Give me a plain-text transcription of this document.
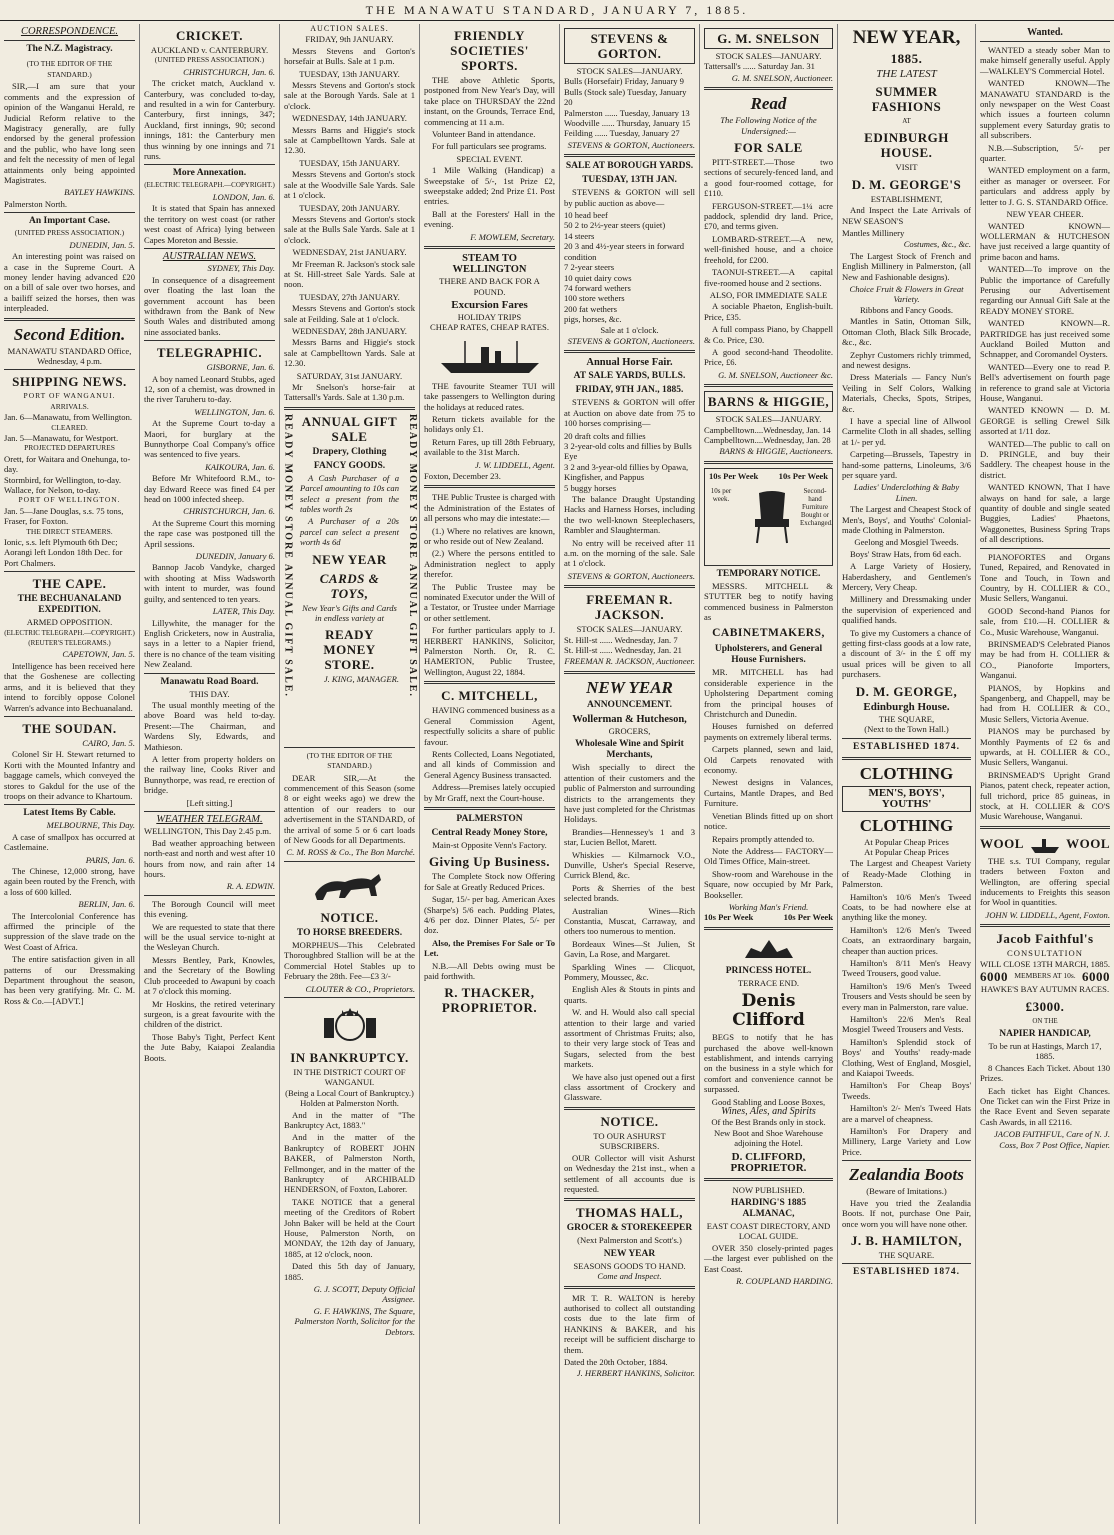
THE MANAWATU STANDARD, JANUARY 7, 1885.
CORRESPONDENCE.
The N.Z. Magistracy.
(TO THE EDITOR OF THE STANDARD.)

SIR,—I am sure that your comments and the expression of opinion of the Wanganui Herald, re Judicial Reform relative to the Magistracy generally, are fully endorsed by the general profession and the public, who have long seen and felt the necessity of men of legal attainments only being appointed Magistrates.

BAYLEY HAWKINS.
Palmerston North.
An Important Case.
(UNITED PRESS ASSOCIATION.)
DUNEDIN, Jan. 5.

An interesting point was raised on a case in the Supreme Court. A money lender having advanced £20 on a bill of sale over two horses, and a bailiff seized the horses, then was interpleaded.

Second Edition.
MANAWATU STANDARD Office, Wednesday, 4 p.m.
SHIPPING NEWS.
PORT OF WANGANUI.
ARRIVALS.
Jan. 6—Manawatu, from Wellington.
CLEARED.
Jan. 5—Manawatu, for Westport.
PROJECTED DEPARTURES
Orett, for Waitara and Onehunga, to-day.
Stormbird, for Wellington, to-day.
Wallace, for Nelson, to-day.
PORT OF WELLINGTON.
Jan. 5—Jane Douglas, s.s. 75 tons, Fraser, for Foxton.
THE DIRECT STEAMERS.
Ionic, s.s. left Plymouth 6th Dec; Aorangi left London 18th Dec. for Port Chalmers.
THE CAPE.
THE BECHUANALAND EXPEDITION.
ARMED OPPOSITION.
(ELECTRIC TELEGRAPH.—COPYRIGHT.)
(REUTER'S TELEGRAMS.)
CAPETOWN, Jan. 5.

Intelligence has been received here that the Goshenese are collecting arms, and it is believed that they intend to forcibly oppose Colonel Warren's advance into Bechuanaland.

THE SOUDAN.
CAIRO, Jan. 5.

Colonel Sir H. Stewart returned to Korti with the Mounted Infantry and baggage camels, which conveyed the stores to Gakdul for the use of the troops on their advance to Khartoum.

Latest Items By Cable.
MELBOURNE, This Day.

A case of smallpox has occurred at Castlemaine.

PARIS, Jan. 6.

The Chinese, 12,000 strong, have again been routed by the French, with a loss of 600 killed.

BERLIN, Jan. 6.

The Intercolonial Conference has affirmed the principle of the suppression of the slave trade on the West Coast of Africa.

The entire satisfaction given in all patterns of our Dressmaking Department throughout the season, has been very gratifying. Mr. C. M. Ross & Co.—[ADVT.]

CRICKET.
AUCKLAND v. CANTERBURY.
(UNITED PRESS ASSOCIATION.)
CHRISTCHURCH, Jan. 6.

The cricket match, Auckland v. Canterbury, was concluded to-day, and resulted in a win for Canterbury. Canterbury, first innings, 347; Auckland, first innings, 90; second innings, 181: the Canterbury men thus winning by one innings and 71 runs.

More Annexation.
(ELECTRIC TELEGRAPH.—COPYRIGHT.)
LONDON, Jan. 6.

It is stated that Spain has annexed the territory on west coast (or rather west coast of Africa) lying between Capes Moreton and Bessie.

AUSTRALIAN NEWS.
SYDNEY, This Day.

In consequence of a disagreement over floating the last loan the government account has been withdrawn from the Bank of New South Wales and distributed among nine associated banks.

TELEGRAPHIC.
GISBORNE, Jan. 6.

A boy named Leonard Stubbs, aged 12, son of a chemist, was drowned in the river Taruheru to-day.

WELLINGTON, Jan. 6.

At the Supreme Court to-day a Maori, for burglary at the Bunnythorpe Coal Company's office was sentenced to five years.

KAIKOURA, Jan. 6.

Before Mr Whitefoord R.M., to-day Edward Reece was fined £4 per head on 1000 infected sheep.

CHRISTCHURCH, Jan. 6.

At the Supreme Court this morning the rape case was postponed till the April sessions.

DUNEDIN, January 6.

Bannop Jacob Vandyke, charged with shooting at Miss Wadsworth with intent to murder, was found guilty, and sentenced to ten years.

LATER, This Day.

Lillywhite, the manager for the English Cricketers, now in Australia, says in a letter to a Napier friend, there is no chance of the team visiting New Zealand.

Manawatu Road Board.
THIS DAY.

The usual monthly meeting of the above Board was held to-day. Present:—The Chairman, and Wardens Sly, Edwards, and Mathieson.

A letter from property holders on the railway line, Cooks River and Bunnythorpe, was read, re erection of bridge.

[Left sitting.]
WEATHER TELEGRAM.
WELLINGTON, This Day 2.45 p.m.

Bad weather approaching between north-east and north and west after 10 hours from now, and rain after 14 hours.

R. A. EDWIN.

The Borough Council will meet this evening.

We are requested to state that there will be the usual service to-night at the Wesleyan Church.

Messrs Bentley, Park, Knowles, and the Secretary of the Bowling Club proceeded to Awapuni by coach at 7 o'clock this morning.

Mr Hoskins, the retired veterinary surgeon, is a great favourite with the children of the district.

Those Baby's Tight, Perfect Kent the Jute Baby, Kaiapoi Zealandia Boots.

AUCTION SALES.
FRIDAY, 9th JANUARY.

Messrs Stevens and Gorton's horsefair at Bulls. Sale at 1 p.m.

TUESDAY, 13th JANUARY.

Messrs Stevens and Gorton's stock sale at the Borough Yards. Sale at 1 o'clock.

WEDNESDAY, 14th JANUARY.

Messrs Barns and Higgie's stock sale at Campbelltown Yards. Sale at 12.30.

TUESDAY, 15th JANUARY.

Messrs Stevens and Gorton's stock sale at the Woodville Sale Yards. Sale at 1 o'clock.

TUESDAY, 20th JANUARY.

Messrs Stevens and Gorton's stock sale at the Bulls Sale Yards. Sale at 1 o'clock.

WEDNESDAY, 21st JANUARY.

Mr Freeman R. Jackson's stock sale at St. Hill-street Sale Yards. Sale at noon.

TUESDAY, 27th JANUARY.

Messrs Stevens and Gorton's stock sale at Feilding. Sale at 1 o'clock.

WEDNESDAY, 28th JANUARY.

Messrs Barns and Higgie's stock sale at Campbelltown Yards. Sale at 12.30.

SATURDAY, 31st JANUARY.

Mr Snelson's horse-fair at Tattersall's Yards. Sale at 1.30 p.m.

READY MONEY STORE ANNUAL GIFT SALE.	READY MONEY STORE ANNUAL GIFT SALE.
ANNUAL GIFT SALE
Drapery, Clothing
FANCY GOODS.

A Cash Purchaser of a Parcel amounting to 10s can select a present from the tables worth 2s

A Purchaser of a 20s parcel can select a present worth 4s 6d

NEW YEAR
CARDS & TOYS,

New Year's Gifts and Cards in endless variety at

READY MONEY STORE.
J. KING, MANAGER.
(TO THE EDITOR OF THE STANDARD.)

DEAR SIR,—At the commencement of this Season (some 8 or eight weeks ago) we drew the attention of our readers to our advertisement in the STANDARD, of the arrival of some 5 or 6 cart loads of New Goods for all Departments.

C. M. ROSS & Co., The Bon Marché.
NOTICE.
TO HORSE BREEDERS.

MORPHEUS—This Celebrated Thoroughbred Stallion will be at the Commercial Hotel Stables up to February the 28th. Fee—£3 3/-

CLOUTER & CO., Proprietors.
IN BANKRUPTCY.
IN THE DISTRICT COURT OF WANGANUI.
(Being a Local Court of Bankruptcy.) Holden at Palmerston North.

And in the matter of "The Bankruptcy Act, 1883."

And in the matter of the Bankruptcy of ROBERT JOHN BAKER, of Palmerston North, Fellmonger, and in the matter of the Bankruptcy of ARCHIBALD HENDERSON, of Foxton, Laborer.

TAKE NOTICE that a general meeting of the Creditors of Robert John Baker will be held at the Court House, Palmerston North, on MONDAY, the 12th day of January, 1885, at 12 o'clock, noon.

Dated this 5th day of January, 1885.

G. J. SCOTT, Deputy Official Assignee.
G. F. HAWKINS, The Square, Palmerston North, Solicitor for the Debtors.
FRIENDLY SOCIETIES' SPORTS.

THE above Athletic Sports, postponed from New Year's Day, will take place on THURSDAY the 22nd instant, on the Grounds, Terrace End, commencing at 11 a.m.

Volunteer Band in attendance.

For full particulars see programs.

SPECIAL EVENT.

1 Mile Walking (Handicap) a Sweepstake of 5/-, 1st Prize £2, sweepstake added; 2nd Prize £1. Post entries.

Ball at the Foresters' Hall in the evening.

F. MOWLEM, Secretary.
STEAM TO WELLINGTON
THERE AND BACK FOR A POUND.
Excursion Fares
HOLIDAY TRIPS
CHEAP RATES, CHEAP RATES.

THE favourite Steamer TUI will take passengers to Wellington during the holidays at reduced rates.

Return tickets available for the holidays only £1.

Return Fares, up till 28th February, available to the 31st March.

J. W. LIDDELL, Agent.
Foxton, December 23.

THE Public Trustee is charged with the Administration of the Estates of all persons who may die intestate:—

(1.) Where no relatives are known, or who reside out of New Zealand.

(2.) Where the persons entitled to Administration neglect to apply therefor.

The Public Trustee may be nominated Executor under the Will of a Testator, or Trustee under Marriage or other settlement.

For further particulars apply to J. HERBERT HANKINS, Solicitor, Palmerston North. Or, R. C. HAMERTON, Public Trustee, Wellington, August 22, 1884.

C. MITCHELL,

HAVING commenced business as a General Commission Agent, respectfully solicits a share of public favour.

Rents Collected, Loans Negotiated, and all kinds of Commission and General Agency Business transacted.

Address—Premises lately occupied by Mr Graff, next the Court-house.

PALMERSTON
Central Ready Money Store,
Main-st Opposite Venn's Factory.
Giving Up Business.

The Complete Stock now Offering for Sale at Greatly Reduced Prices.

Sugar, 15/- per bag. American Axes (Sharpe's) 5/6 each. Pudding Plates, 4/6 per doz. Dinner Plates, 5/- per doz.

Also, the Premises For Sale or To Let.

N.B.—All Debts owing must be paid forthwith.

R. THACKER, PROPRIETOR.
STEVENS & GORTON.
STOCK SALES—JANUARY.
Bulls (Horsefair) Friday, January 9
Bulls (Stock sale) Tuesday, January 20
Palmerston ...... Tuesday, January 13
Woodville ...... Thursday, January 15
Feilding ...... Tuesday, January 27
STEVENS & GORTON, Auctioneers.
SALE AT BOROUGH YARDS.
TUESDAY, 13TH JAN.

STEVENS & GORTON will sell by public auction as above—

10 head beef
50 2 to 2½-year steers (quiet)
14 steers
20 3 and 4½-year steers in forward condition
7 2-year steers
10 quiet dairy cows
74 forward wethers
100 store wethers
200 fat wethers
pigs, horses, &c.
Sale at 1 o'clock.
STEVENS & GORTON, Auctioneers.
Annual Horse Fair.
AT SALE YARDS, BULLS.
FRIDAY, 9TH JAN., 1885.

STEVENS & GORTON will offer at Auction on above date from 75 to 100 horses comprising—

20 draft colts and fillies
3 2-year-old colts and fillies by Bulls Eye
3 2 and 3-year-old fillies by Opawa, Kingfisher, and Pappus
5 buggy horses

The balance Draught Upstanding Hacks and Harness Horses, including the two well-known Steeplechasers, Rambler and Slaughterman.

No entry will be received after 11 a.m. on the morning of the sale. Sale at 1 o'clock.

STEVENS & GORTON, Auctioneers.
FREEMAN R. JACKSON.
STOCK SALES—JANUARY.
St. Hill-st ...... Wednesday, Jan. 7
St. Hill-st ...... Wednesday, Jan. 21
FREEMAN R. JACKSON, Auctioneer.
NEW YEAR
ANNOUNCEMENT.
Wollerman & Hutcheson,
GROCERS,
Wholesale Wine and Spirit Merchants,

Wish specially to direct the attention of their customers and the public of Palmerston and surrounding districts to the arrangements they have just completed for the Christmas Holidays.

Brandies—Hennessey's 1 and 3 star, Lucien Bellot, Marett.

Whiskies — Kilmarnock V.O., Dunville, Usher's Special Reserve, Currick Blend, &c.

Ports & Sherries of the best selected brands.

Australian Wines—Rich Constantia, Muscat, Carraway, and others too numerous to mention.

Bordeaux Wines—St Julien, St Gavin, La Rose, and Margaret.

Sparkling Wines — Clicquot, Pommery, Moussec, &c.

English Ales & Stouts in pints and quarts.

W. and H. Would also call special attention to their large and varied assortment of Christmas Fruits; also, to their very large stock of Teas and Sugars, selected from the best markets.

We have also just opened out a first class assortment of Crockery and Glassware.

NOTICE.
TO OUR ASHURST SUBSCRIBERS.

OUR Collector will visit Ashurst on Wednesday the 21st inst., when a settlement of all accounts due is requested.

THOMAS HALL,
GROCER & STOREKEEPER
(Next Palmerston and Scott's.)
NEW YEAR
SEASONS GOODS TO HAND.
Come and Inspect.

MR T. R. WALTON is hereby authorised to collect all outstanding costs due to the late firm of HANKINS & BAKER, and his receipt will be sufficient discharge to them.

Dated the 20th October, 1884.
J. HERBERT HANKINS, Solicitor.
G. M. SNELSON
STOCK SALES—JANUARY.
Tattersall's ...... Saturday Jan. 31
G. M. SNELSON, Auctioneer.
Read
The Following Notice of the Undersigned:—
FOR SALE

PITT-STREET.—Those two sections of securely-fenced land, and a good four-roomed cottage, for £110.

FERGUSON-STREET.—1¼ acre paddock, splendid dry land. Price, £70, and terms given.

LOMBARD-STREET.—A new, well-finished house, and a choice freehold, for £200.

TAONUI-STREET.—A capital five-roomed house and 2 sections.

ALSO, FOR IMMEDIATE SALE

A sociable Phaeton, English-built. Price, £35.

A full compass Piano, by Chappell & Co. Price, £30.

A good second-hand Theodolite. Price, £6.

G. M. SNELSON, Auctioneer &c.
BARNS & HIGGIE,
STOCK SALES—JANUARY.
Campbelltown....Wednesday, Jan. 14
Campbelltown....Wednesday, Jan. 28
BARNS & HIGGIE, Auctioneers.
10s Per Week 10s Per Week
Second-hand Furniture Bought or Exchanged.
10s per week.
TEMPORARY NOTICE.

MESSRS. MITCHELL & STUTTER beg to notify having commenced business in Palmerston as

CABINETMAKERS,
Upholsterers, and General House Furnishers.

MR. MITCHELL has had considerable experience in the Upholstering Department coming from the principal houses of Christchurch and Dunedin.

Houses furnished on deferred payments on extremely liberal terms.

Carpets planned, sewn and laid, Old Carpets renovated with economy.

Newest designs in Valances, Curtains, Mantle Drapes, and Bed Furniture.

Venetian Blinds fitted up on short notice.

Repairs promptly attended to.

Note the Address— FACTORY—Old Times Office, Main-street.

Show-room and Warehouse in the Square, now occupied by Mr Park, Bookseller.

Working Man's Friend.
10s Per Week	10s Per Week
PRINCESS HOTEL.
TERRACE END.
Denis Clifford

BEGS to notify that he has purchased the above well-known establishment, and intends carrying on the business in a style which for comfort and convenience cannot be surpassed.

Good Stabling and Loose Boxes,
Wines, Ales, and Spirits
Of the Best Brands only in stock.
New Boot and Shoe Warehouse adjoining the Hotel.
D. CLIFFORD, PROPRIETOR.
NOW PUBLISHED.
HARDING'S 1885 ALMANAC,
EAST COAST DIRECTORY, AND LOCAL GUIDE.

OVER 350 closely-printed pages—the largest ever published on the East Coast.

R. COUPLAND HARDING.
NEW YEAR,
1885.
THE LATEST
SUMMER FASHIONS
AT
EDINBURGH HOUSE.
VISIT
D. M. GEORGE'S
ESTABLISHMENT,

And Inspect the Late Arrivals of NEW SEASON'S

Mantles Millinery
Costumes, &c., &c.

The Largest Stock of French and English Millinery in Palmerston, (all New and Fashionable designs).

Choice Fruit & Flowers in Great Variety.
Ribbons and Fancy Goods.

Mantles in Satin, Ottoman Silk, Ottoman Cloth, Black Silk Brocade, &c., &c.

Zephyr Customers richly trimmed, and newest designs.

Dress Materials — Fancy Nun's Veiling in Self Colors, Walking Materials, Checks, Spots, Stripes, &c.

I have a special line of Allwool Carmelite Cloth in all shades, selling at 1/- per yd.

Carpeting—Brussels, Tapestry in hand-some patterns, Linoleums, 3/6 per square yard.

Ladies' Underclothing & Baby Linen.

The Largest and Cheapest Stock of Men's, Boys', and Youths' Colonial-made Clothing in Palmerston.

Geelong and Mosgiel Tweeds.

Boys' Straw Hats, from 6d each.

A Large Variety of Hosiery, Haberdashery, and Gentlemen's Mercery, Very Cheap.

Millinery and Dressmaking under the supervision of experienced and qualified hands.

To give my Customers a chance of getting first-class goods at a low rate, a discount of 3/- in the £ off my usual prices will be given to all purchasers.

D. M. GEORGE,
Edinburgh House.
THE SQUARE,
(Next to the Town Hall.)
ESTABLISHED 1874.
CLOTHING
MEN'S, BOYS', YOUTHS'
CLOTHING
At Popular Cheap Prices
At Popular Cheap Prices

The Largest and Cheapest Variety of Ready-Made Clothing in Palmerston.

Hamilton's 10/6 Men's Tweed Coats, to be had nowhere else at anything like the money.

Hamilton's 12/6 Men's Tweed Coats, an extraordinary bargain, cheaper than auction prices.

Hamilton's 8/11 Men's Heavy Tweed Trousers, good value.

Hamilton's 19/6 Men's Tweed Trousers and Vests should be seen by every man in Palmerston, rare value.

Hamilton's 22/6 Men's Real Mosgiel Tweed Trousers and Vests.

Hamilton's Splendid stock of Boys' and Youths' ready-made Clothing, West of England, Mosgiel, and Kaiapoi Tweeds.

Hamilton's For Cheap Boys' Tweeds.

Hamilton's 2/- Men's Tweed Hats are a marvel of cheapness.

Hamilton's For Drapery and Millinery, Large Variety and Low Price.

Zealandia Boots
(Beware of Imitations.)

Have you tried the Zealandia Boots. If not, purchase One Pair, once worn you will have none other.

J. B. HAMILTON,
THE SQUARE.
ESTABLISHED 1874.
Wanted.

WANTED a steady sober Man to make himself generally useful. Apply—WALKLEY'S Commercial Hotel.

WANTED KNOWN—The MANAWATU STANDARD is the only newspaper on the West Coast which issues a fourteen column supplement every Saturday gratis to all subscribers.

N.B.—Subscription, 5/- per quarter.

WANTED employment on a farm, either as manager or overseer. For particulars and address apply by letter to J. G. S. STANDARD Office.

NEW YEAR CHEER.

WANTED KNOWN—WOLLERMAN & HUTCHESON have just received a large quantity of prime bacon and hams.

WANTED—To improve on the Public the importance of Carefully Perusing our Advertisement regarding our Annual Gift Sale at the READY MONEY STORE.

WANTED KNOWN—R. PARTRIDGE has just received some Auckland Boiled Mutton and Schnapper, and Coromandel Oysters.

WANTED—Every one to read P. Bell's advertisement on fourth page in reference to grand sale at Victoria House, Wanganui.

WANTED KNOWN — D. M. GEORGE is selling Crewel Silk assorted at 1/11 doz.

WANTED—The public to call on D. PRINGLE, and buy their Saddlery. The cheapest house in the district.

WANTED KNOWN, That I have always on hand for sale, a large quantity of double and single seated Buggies, Ladies' Phaetons, Waggonettes, Business Spring Traps of all descriptions.

PIANOFORTES and Organs Tuned, Repaired, and Renovated in Tone and Touch, in Town and Country, by H. COLLIER & CO., Music Sellers, Wanganui.

GOOD Second-hand Pianos for sale, from £10.—H. COLLIER & Co., Music Warehouse, Wanganui.

BRINSMEAD'S Celebrated Pianos may be had from H. COLLIER & CO., Pianoforte Importers, Wanganui.

PIANOS, by Hopkins and Spangenberg, and Chappell, may be had from H. COLLIER & CO., Music Sellers, Victoria Avenue.

PIANOS may be purchased by Monthly Payments of £2 6s and upwards, at H. COLLIER & CO., Music Sellers, Wanganui.

BRINSMEAD'S Upright Grand Pianos, patent check, repeater action, full trichord, price 85 guineas, in stock, at H. COLLIER & CO'S Music Warehouse, Wanganui.

WOOL	WOOL

THE s.s. TUI Company, regular traders between Foxton and Wellington, are offering special inducements to Freights this season for Wool in quantities.

JOHN W. LIDDELL, Agent, Foxton.
Jacob Faithful's
CONSULTATION
WILL CLOSE 13TH MARCH, 1885.
6000 MEMBERS AT 10s. 6000
HAWKE'S BAY AUTUMN RACES.
£3000.
ON THE
NAPIER HANDICAP,
To be run at Hastings, March 17, 1885.

8 Chances Each Ticket. About 130 Prizes.

Each ticket has Eight Chances. One Ticket can win the First Prize in the Race Event and Seven separate Cash Awards, in all £2116.

JACOB FAITHFUL, Care of N. J. Coss, Box 7 Post Office, Napier.
